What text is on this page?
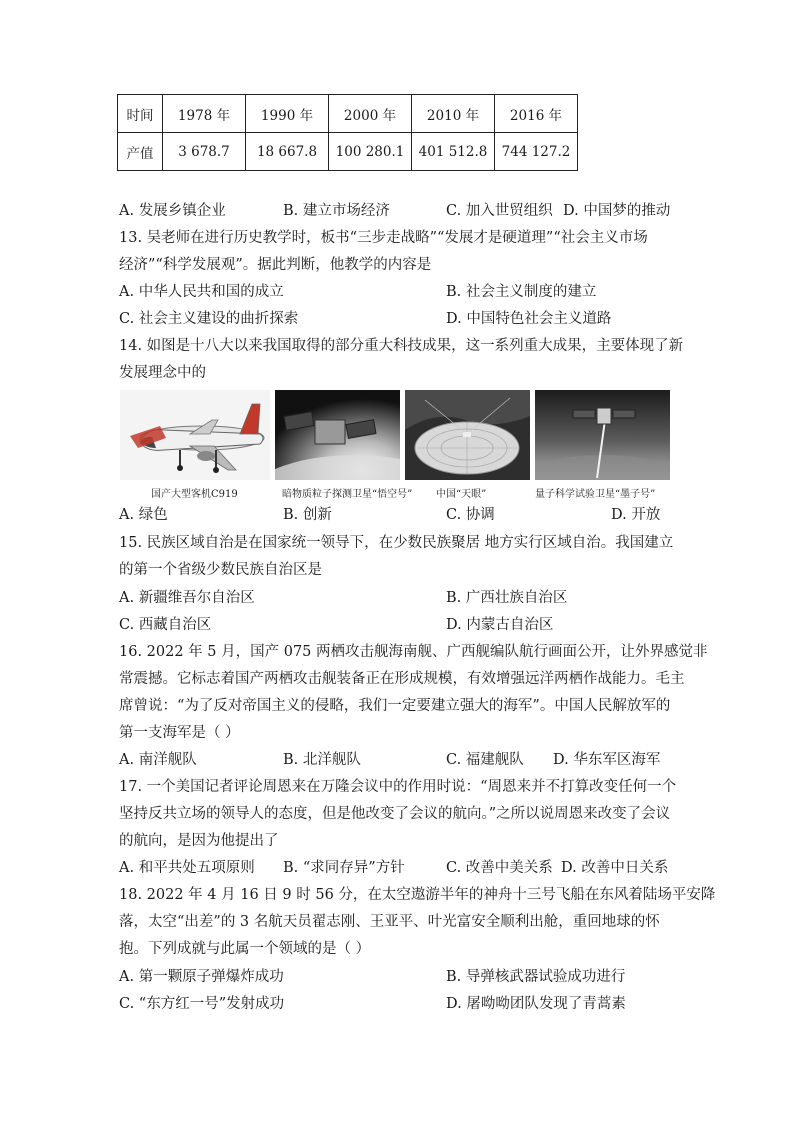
时间	1978 年	1990 年	2000 年	2010 年	2016 年
产值	3 678.7	18 667.8	100 280.1	401 512.8	744 127.2
A. 发展乡镇企业	B. 建立市场经济	C. 加入世贸组织 D. 中国梦的推动
13. 吴老师在进行历史教学时，板书“三步走战略”“发展才是硬道理”“社会主义市场
经济”“科学发展观”。据此判断，他教学的内容是
A. 中华人民共和国的成立	B. 社会主义制度的建立
C. 社会主义建设的曲折探索	D. 中国特色社会主义道路
14. 如图是十八大以来我国取得的部分重大科技成果，这一系列重大成果，主要体现了新
发展理念中的
国产大型客机C919	暗物质粒子探测卫星“悟空号” 中国“天眼”	量子科学试验卫星“墨子号”
A. 绿色	B. 创新	C. 协调	D. 开放
15. 民族区域自治是在国家统一领导下，在少数民族聚居 地方实行区域自治。我国建立
的第一个省级少数民族自治区是
A. 新疆维吾尔自治区	B. 广西壮族自治区
C. 西藏自治区	D. 内蒙古自治区
16. 2022 年 5 月，国产 075 两栖攻击舰海南舰、广西舰编队航行画面公开，让外界感觉非
常震撼。它标志着国产两栖攻击舰装备正在形成规模，有效增强远洋两栖作战能力。毛主
席曾说：“为了反对帝国主义的侵略，我们一定要建立强大的海军”。中国人民解放军的
第一支海军是（ ）
A. 南洋舰队	B. 北洋舰队	C. 福建舰队 D. 华东军区海军
17. 一个美国记者评论周恩来在万隆会议中的作用时说：“周恩来并不打算改变任何一个
坚持反共立场的领导人的态度，但是他改变了会议的航向。”之所以说周恩来改变了会议
的航向，是因为他提出了
A. 和平共处五项原则 B. “求同存异”方针	C. 改善中美关系 D. 改善中日关系
18. 2022 年 4 月 16 日 9 时 56 分，在太空遨游半年的神舟十三号飞船在东风着陆场平安降
落，太空“出差”的 3 名航天员翟志刚、王亚平、叶光富安全顺利出舱，重回地球的怀
抱。下列成就与此属一个领域的是（ ）
A. 第一颗原子弹爆炸成功	B. 导弹核武器试验成功进行
C. “东方红一号”发射成功	D. 屠呦呦团队发现了青蒿素
